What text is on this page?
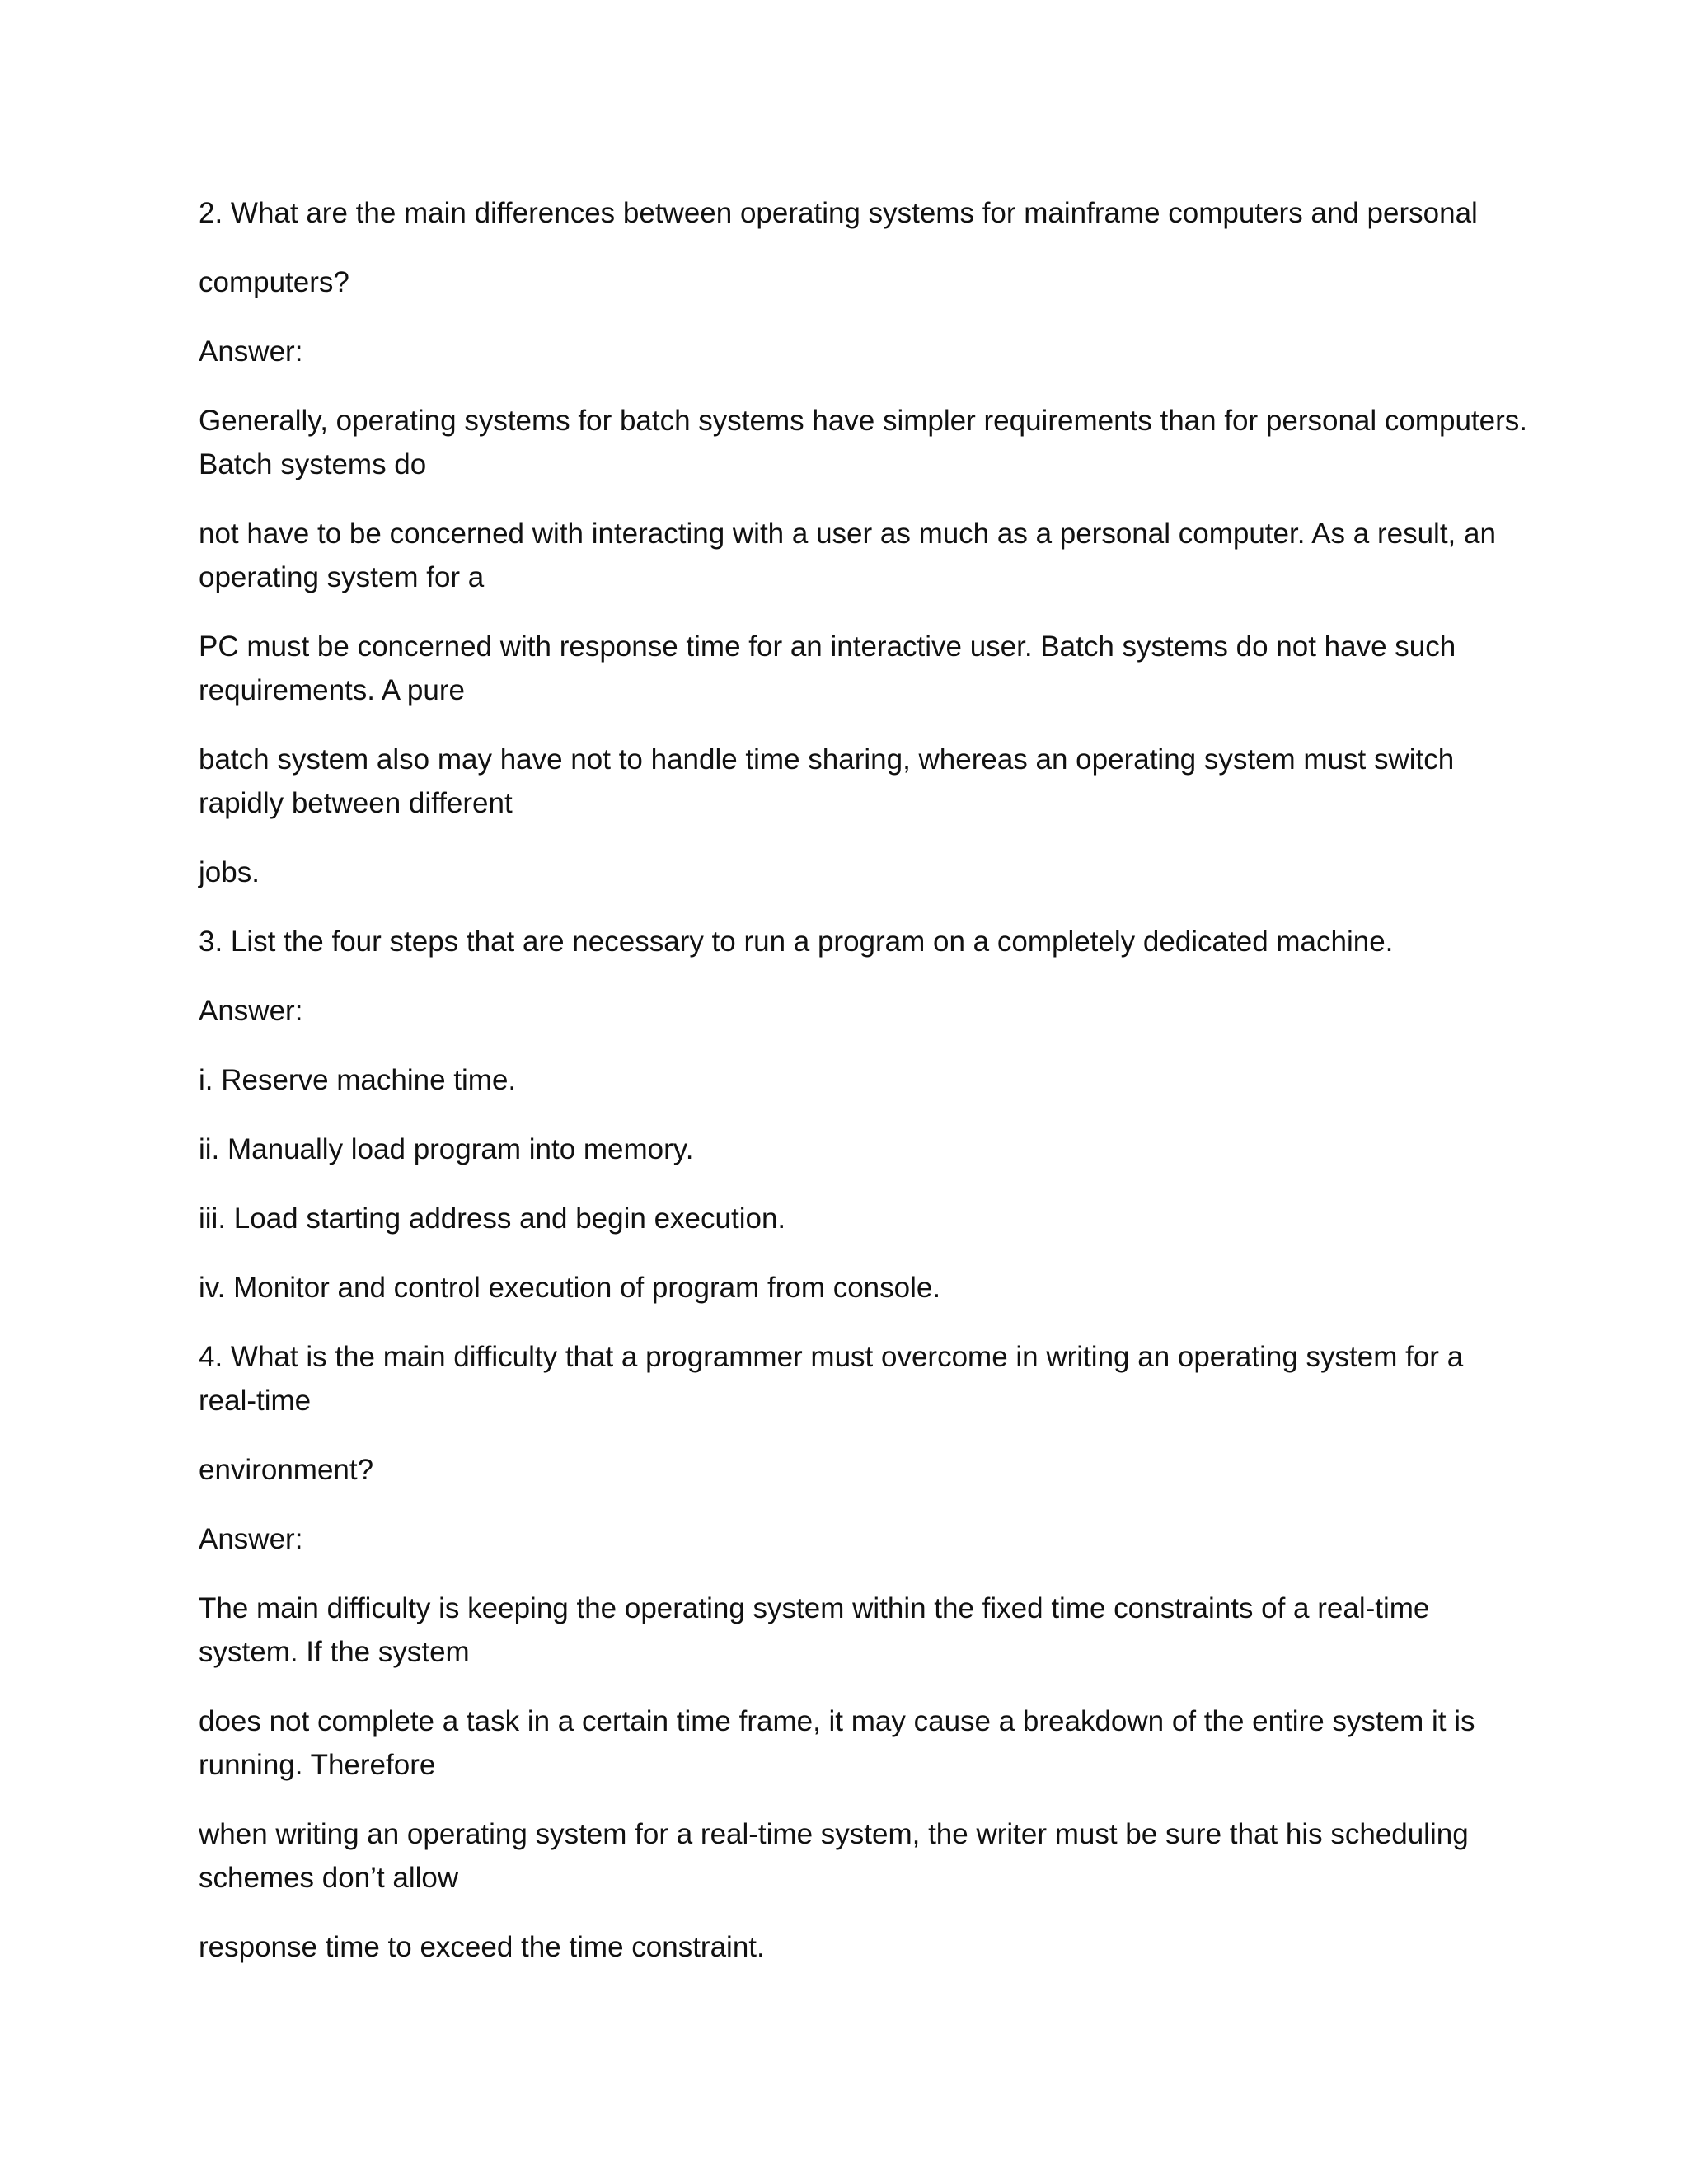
2. What are the main differences between operating systems for mainframe computers and personal

computers?

Answer:

Generally, operating systems for batch systems have simpler requirements than for personal computers.
Batch systems do

not have to be concerned with interacting with a user as much as a personal computer. As a result, an
operating system for a

PC must be concerned with response time for an interactive user. Batch systems do not have such
requirements. A pure

batch system also may have not to handle time sharing, whereas an operating system must switch
rapidly between different

jobs.

3. List the four steps that are necessary to run a program on a completely dedicated machine.

Answer:

i. Reserve machine time.

ii. Manually load program into memory.

iii. Load starting address and begin execution.

iv. Monitor and control execution of program from console.

4. What is the main difficulty that a programmer must overcome in writing an operating system for a
real-time

environment?

Answer:

The main difficulty is keeping the operating system within the fixed time constraints of a real-time
system. If the system

does not complete a task in a certain time frame, it may cause a breakdown of the entire system it is
running. Therefore

when writing an operating system for a real-time system, the writer must be sure that his scheduling
schemes don’t allow

response time to exceed the time constraint.
